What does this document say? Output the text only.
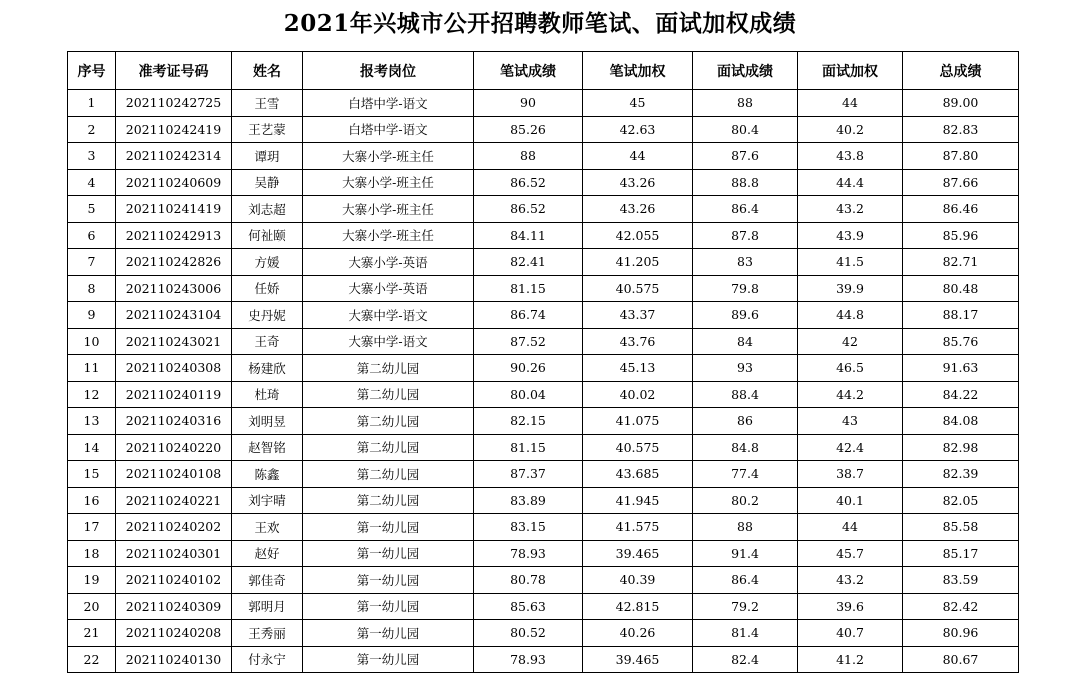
2021年兴城市公开招聘教师笔试、面试加权成绩
序号	准考证号码	姓名	报考岗位	笔试成绩	笔试加权	面试成绩	面试加权	总成绩
1	202110242725	王雪	白塔中学-语文	90	45	88	44	89.00
2	202110242419	王艺蒙	白塔中学-语文	85.26	42.63	80.4	40.2	82.83
3	202110242314	谭玥	大寨小学-班主任	88	44	87.6	43.8	87.80
4	202110240609	吴静	大寨小学-班主任	86.52	43.26	88.8	44.4	87.66
5	202110241419	刘志超	大寨小学-班主任	86.52	43.26	86.4	43.2	86.46
6	202110242913	何祉颐	大寨小学-班主任	84.11	42.055	87.8	43.9	85.96
7	202110242826	方媛	大寨小学-英语	82.41	41.205	83	41.5	82.71
8	202110243006	任娇	大寨小学-英语	81.15	40.575	79.8	39.9	80.48
9	202110243104	史丹妮	大寨中学-语文	86.74	43.37	89.6	44.8	88.17
10	202110243021	王奇	大寨中学-语文	87.52	43.76	84	42	85.76
11	202110240308	杨建欣	第二幼儿园	90.26	45.13	93	46.5	91.63
12	202110240119	杜琦	第二幼儿园	80.04	40.02	88.4	44.2	84.22
13	202110240316	刘明昱	第二幼儿园	82.15	41.075	86	43	84.08
14	202110240220	赵智铭	第二幼儿园	81.15	40.575	84.8	42.4	82.98
15	202110240108	陈鑫	第二幼儿园	87.37	43.685	77.4	38.7	82.39
16	202110240221	刘宇晴	第二幼儿园	83.89	41.945	80.2	40.1	82.05
17	202110240202	王欢	第一幼儿园	83.15	41.575	88	44	85.58
18	202110240301	赵好	第一幼儿园	78.93	39.465	91.4	45.7	85.17
19	202110240102	郭佳奇	第一幼儿园	80.78	40.39	86.4	43.2	83.59
20	202110240309	郭明月	第一幼儿园	85.63	42.815	79.2	39.6	82.42
21	202110240208	王秀丽	第一幼儿园	80.52	40.26	81.4	40.7	80.96
22	202110240130	付永宁	第一幼儿园	78.93	39.465	82.4	41.2	80.67
